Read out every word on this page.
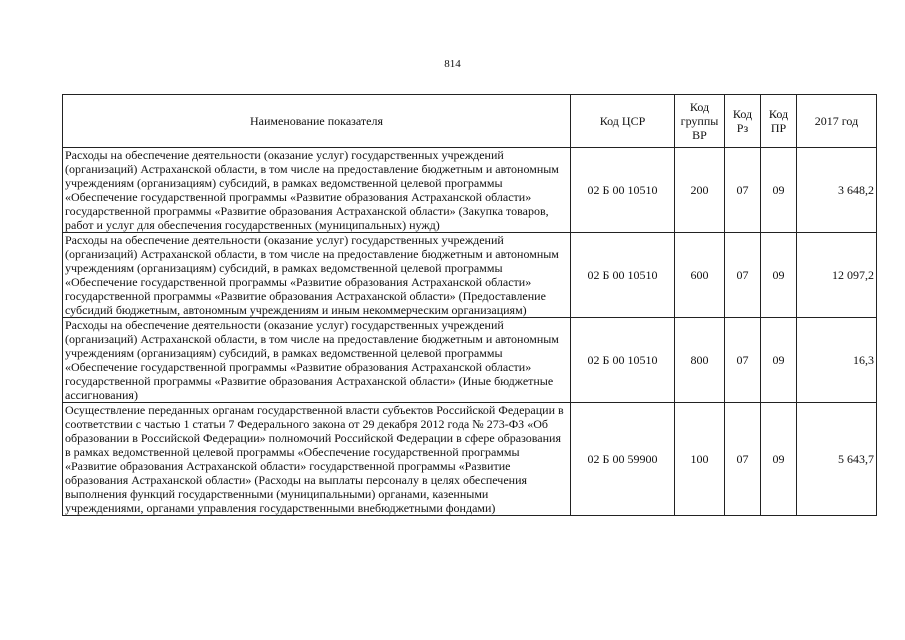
814
Наименование показателя	Код ЦСР	Код группы ВР	Код Рз	Код ПР	2017 год
Расходы на обеспечение деятельности (оказание услуг) государственных учреждений (организаций) Астраханской области, в том числе на предоставление бюджетным и автономным учреждениям (организациям) субсидий, в рамках ведомственной целевой программы «Обеспечение государственной программы «Развитие образования Астраханской области» государственной программы «Развитие образования Астраханской области» (Закупка товаров, работ и услуг для обеспечения государственных (муниципальных) нужд)	02 Б 00 10510	200	07	09	3 648,2
Расходы на обеспечение деятельности (оказание услуг) государственных учреждений (организаций) Астраханской области, в том числе на предоставление бюджетным и автономным учреждениям (организациям) субсидий, в рамках ведомственной целевой программы «Обеспечение государственной программы «Развитие образования Астраханской области» государственной программы «Развитие образования Астраханской области» (Предоставление субсидий бюджетным, автономным учреждениям и иным некоммерческим организациям)	02 Б 00 10510	600	07	09	12 097,2
Расходы на обеспечение деятельности (оказание услуг) государственных учреждений (организаций) Астраханской области, в том числе на предоставление бюджетным и автономным учреждениям (организациям) субсидий, в рамках ведомственной целевой программы «Обеспечение государственной программы «Развитие образования Астраханской области» государственной программы «Развитие образования Астраханской области» (Иные бюджетные ассигнования)	02 Б 00 10510	800	07	09	16,3
Осуществление переданных органам государственной власти субъектов Российской Федерации в соответствии с частью 1 статьи 7 Федерального закона от 29 декабря 2012 года № 273-ФЗ «Об образовании в Российской Федерации» полномочий Российской Федерации в сфере образования в рамках ведомственной целевой программы «Обеспечение государственной программы «Развитие образования Астраханской области» государственной программы «Развитие образования Астраханской области» (Расходы на выплаты персоналу в целях обеспечения выполнения функций государственными (муниципальными) органами, казенными учреждениями, органами управления государственными внебюджетными фондами)	02 Б 00 59900	100	07	09	5 643,7
